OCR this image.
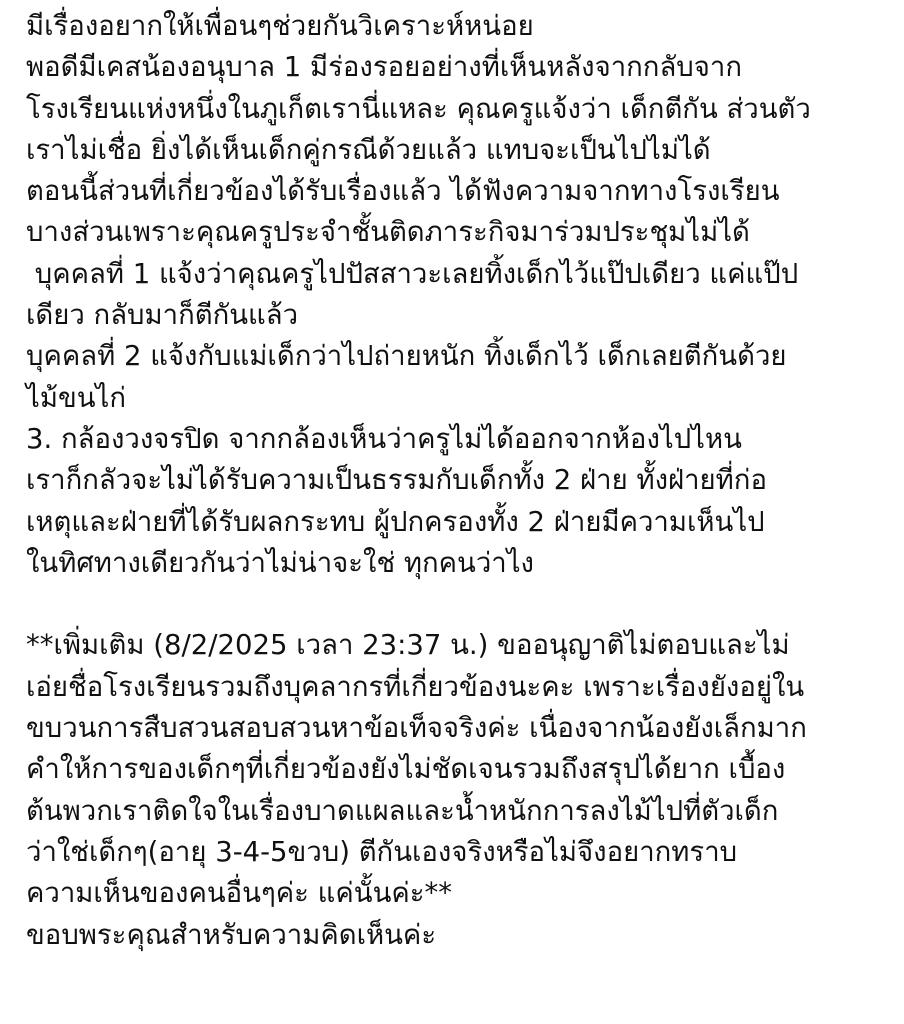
มีเรื่องอยากให้เพื่อนๆช่วยกันวิเคราะห์หน่อย
พอดีมีเคสน้องอนุบาล 1 มีร่องรอยอย่างที่เห็นหลังจากกลับจาก
โรงเรียนแห่งหนึ่งในภูเก็ตเรานี่แหละ คุณครูแจ้งว่า เด็กตีกัน ส่วนตัว
เราไม่เชื่อ ยิ่งได้เห็นเด็กคู่กรณีด้วยแล้ว แทบจะเป็นไปไม่ได้
ตอนนี้ส่วนที่เกี่ยวข้องได้รับเรื่องแล้ว ได้ฟังความจากทางโรงเรียน
บางส่วนเพราะคุณครูประจำชั้นติดภาระกิจมาร่วมประชุมไม่ได้
บุคคลที่ 1 แจ้งว่าคุณครูไปปัสสาวะเลยทิ้งเด็กไว้แป๊ปเดียว แค่แป๊ป
เดียว กลับมาก็ตีกันแล้ว
บุคคลที่ 2 แจ้งกับแม่เด็กว่าไปถ่ายหนัก ทิ้งเด็กไว้ เด็กเลยตีกันด้วย
ไม้ขนไก่
3. กล้องวงจรปิด จากกล้องเห็นว่าครูไม่ได้ออกจากห้องไปไหน
เราก็กลัวจะไม่ได้รับความเป็นธรรมกับเด็กทั้ง 2 ฝ่าย ทั้งฝ่ายที่ก่อ
เหตุและฝ่ายที่ได้รับผลกระทบ ผู้ปกครองทั้ง 2 ฝ่ายมีความเห็นไป
ในทิศทางเดียวกันว่าไม่น่าจะใช่ ทุกคนว่าไง
**เพิ่มเติม (8/2/2025 เวลา 23:37 น.) ขออนุญาติไม่ตอบและไม่
เอ่ยชื่อโรงเรียนรวมถึงบุคลากรที่เกี่ยวข้องนะคะ เพราะเรื่องยังอยู่ใน
ขบวนการสืบสวนสอบสวนหาข้อเท็จจริงค่ะ เนื่องจากน้องยังเล็กมาก
คำให้การของเด็กๆที่เกี่ยวข้องยังไม่ชัดเจนรวมถึงสรุปได้ยาก เบื้อง
ต้นพวกเราติดใจในเรื่องบาดแผลและน้ำหนักการลงไม้ไปที่ตัวเด็ก
ว่าใช่เด็กๆ(อายุ 3-4-5ขวบ) ตีกันเองจริงหรือไม่จึงอยากทราบ
ความเห็นของคนอื่นๆค่ะ แค่นั้นค่ะ**
ขอบพระคุณสำหรับความคิดเห็นค่ะ
